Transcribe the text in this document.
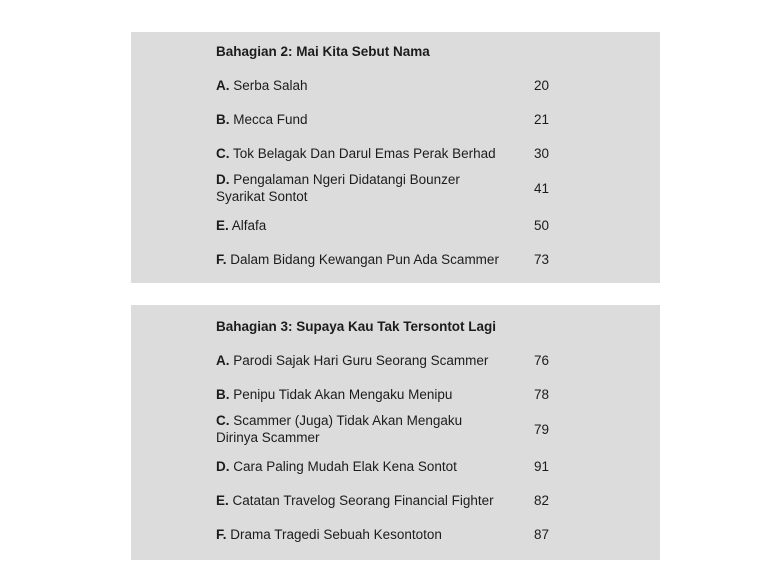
Bahagian 2: Mai Kita Sebut Nama
A. Serba Salah	20
B. Mecca Fund	21
C. Tok Belagak Dan Darul Emas Perak Berhad	30
D. Pengalaman Ngeri Didatangi Bounzer Syarikat Sontot
41
E. Alfafa	50
F. Dalam Bidang Kewangan Pun Ada Scammer	73
Bahagian 3: Supaya Kau Tak Tersontot Lagi
A. Parodi Sajak Hari Guru Seorang Scammer	76
B. Penipu Tidak Akan Mengaku Menipu	78
C. Scammer (Juga) Tidak Akan Mengaku Dirinya Scammer
79
D. Cara Paling Mudah Elak Kena Sontot	91
E. Catatan Travelog Seorang Financial Fighter	82
F. Drama Tragedi Sebuah Kesontoton	87
